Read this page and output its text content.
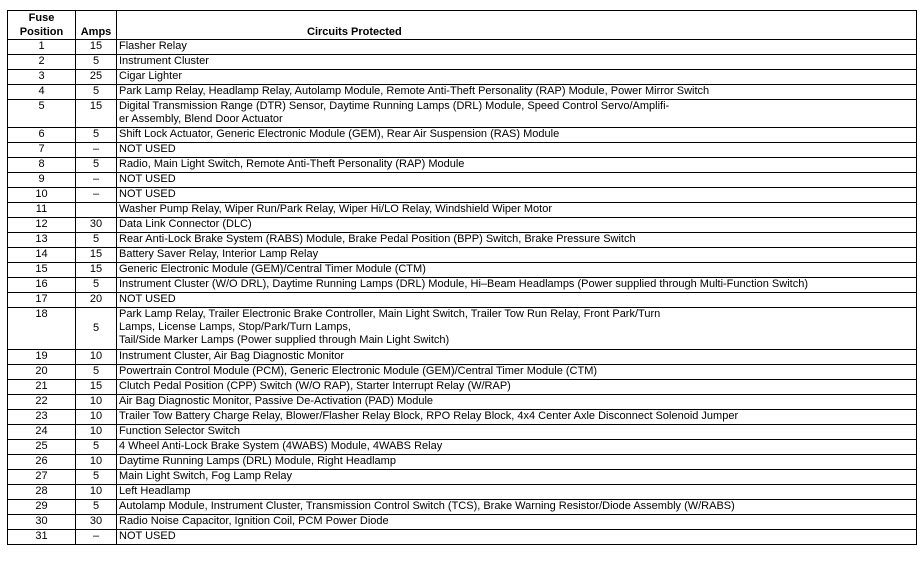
Fuse
Position	Amps	Circuits Protected
1	15	Flasher Relay
2	5	Instrument Cluster
3	25	Cigar Lighter
4	5	Park Lamp Relay, Headlamp Relay, Autolamp Module, Remote Anti-Theft Personality (RAP) Module, Power Mirror Switch
5	15	Digital Transmission Range (DTR) Sensor, Daytime Running Lamps (DRL) Module, Speed Control Servo/Amplifi-
er Assembly, Blend Door Actuator
6	5	Shift Lock Actuator, Generic Electronic Module (GEM), Rear Air Suspension (RAS) Module
7	–	NOT USED
8	5	Radio, Main Light Switch, Remote Anti-Theft Personality (RAP) Module
9	–	NOT USED
10	–	NOT USED
11		Washer Pump Relay, Wiper Run/Park Relay, Wiper Hi/LO Relay, Windshield Wiper Motor
12	30	Data Link Connector (DLC)
13	5	Rear Anti-Lock Brake System (RABS) Module, Brake Pedal Position (BPP) Switch, Brake Pressure Switch
14	15	Battery Saver Relay, Interior Lamp Relay
15	15	Generic Electronic Module (GEM)/Central Timer Module (CTM)
16	5	Instrument Cluster (W/O DRL), Daytime Running Lamps (DRL) Module, Hi–Beam Headlamps (Power supplied through Multi-Function Switch)
17	20	NOT USED
18	5	Park Lamp Relay, Trailer Electronic Brake Controller, Main Light Switch, Trailer Tow Run Relay, Front Park/Turn
Lamps, License Lamps, Stop/Park/Turn Lamps,
Tail/Side Marker Lamps (Power supplied through Main Light Switch)
19	10	Instrument Cluster, Air Bag Diagnostic Monitor
20	5	Powertrain Control Module (PCM), Generic Electronic Module (GEM)/Central Timer Module (CTM)
21	15	Clutch Pedal Position (CPP) Switch (W/O RAP), Starter Interrupt Relay (W/RAP)
22	10	Air Bag Diagnostic Monitor, Passive De-Activation (PAD) Module
23	10	Trailer Tow Battery Charge Relay, Blower/Flasher Relay Block, RPO Relay Block, 4x4 Center Axle Disconnect Solenoid Jumper
24	10	Function Selector Switch
25	5	4 Wheel Anti-Lock Brake System (4WABS) Module, 4WABS Relay
26	10	Daytime Running Lamps (DRL) Module, Right Headlamp
27	5	Main Light Switch, Fog Lamp Relay
28	10	Left Headlamp
29	5	Autolamp Module, Instrument Cluster, Transmission Control Switch (TCS), Brake Warning Resistor/Diode Assembly (W/RABS)
30	30	Radio Noise Capacitor, Ignition Coil, PCM Power Diode
31	–	NOT USED
